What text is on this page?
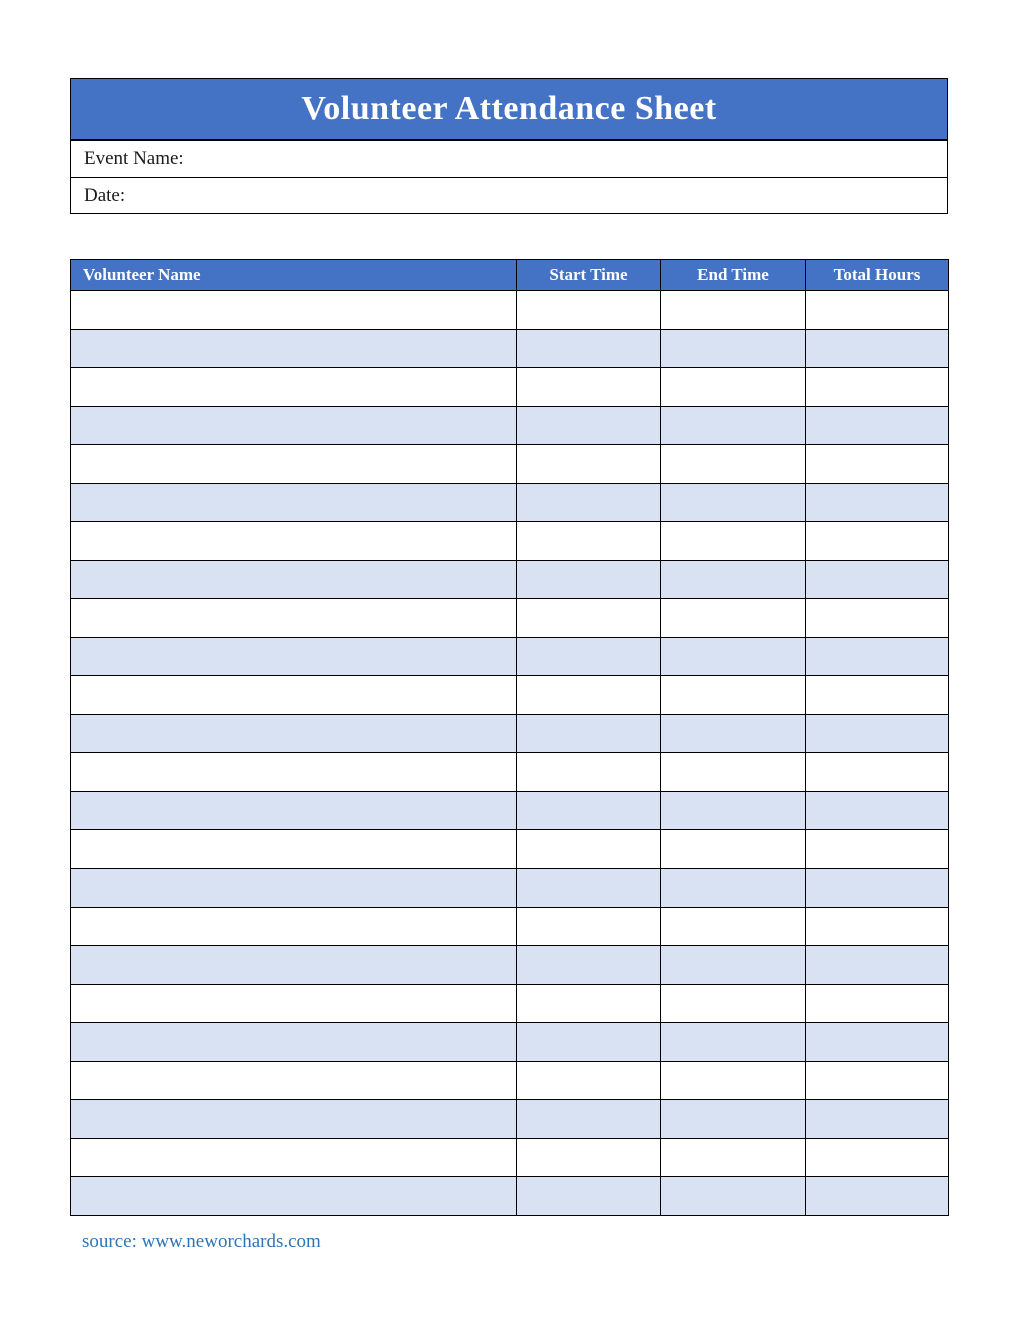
Volunteer Attendance Sheet
Event Name:
Date:
Volunteer Name	Start Time	End Time	Total Hours

source: www.neworchards.com
